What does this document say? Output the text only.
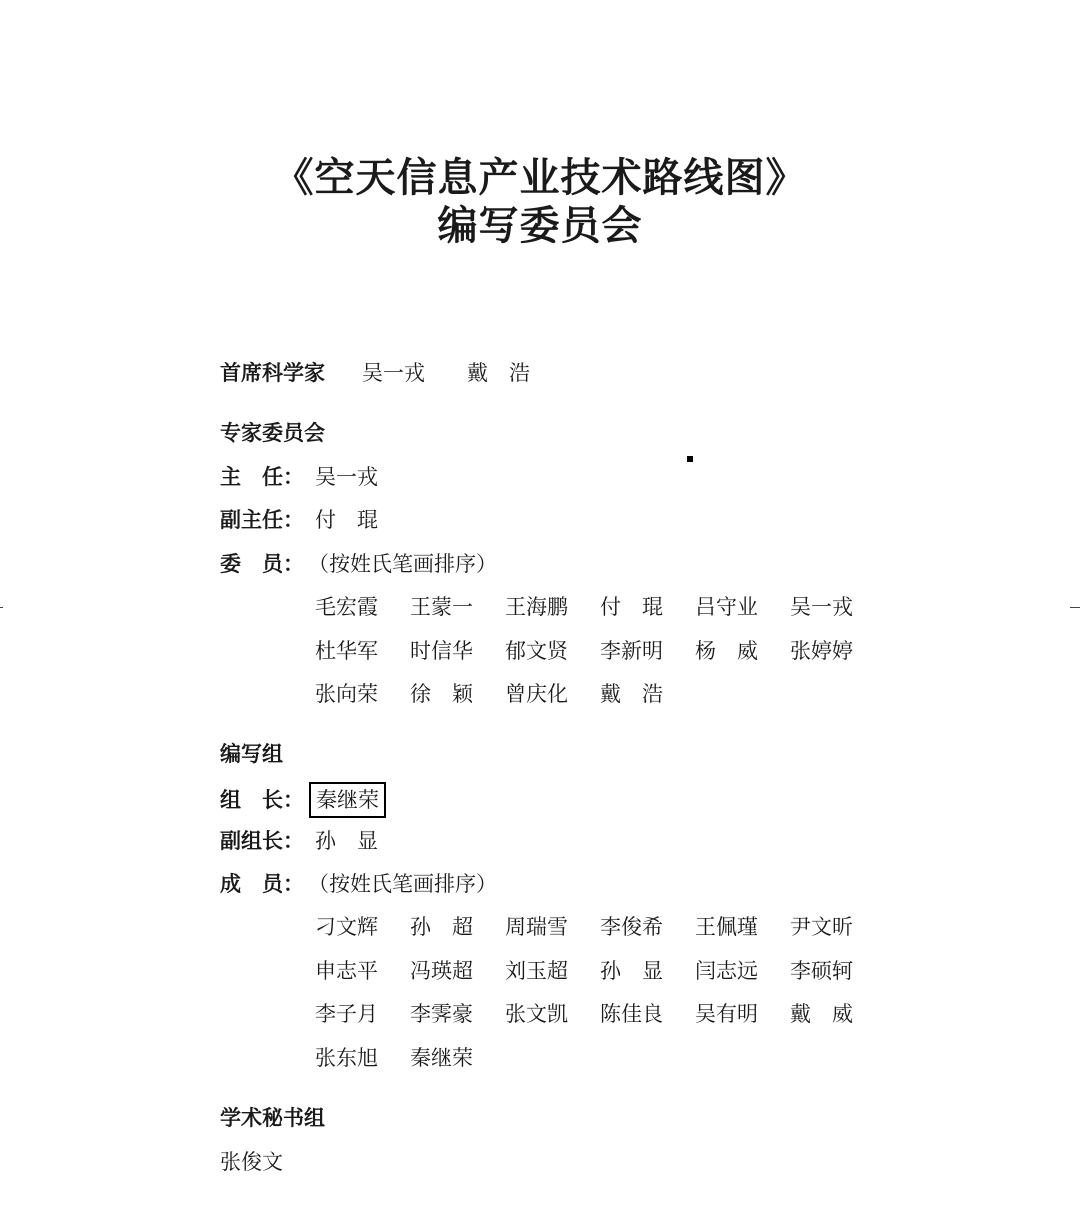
《空天信息产业技术路线图》
编写委员会
首席科学家 吴一戎 戴　浩
专家委员会
主　任： 吴一戎
副主任： 付　琨
委　员： （按姓氏笔画排序）
毛宏霞 王蒙一 王海鹏 付　琨 吕守业 吴一戎
杜华军 时信华 郁文贤 李新明 杨　威 张婷婷
张向荣 徐　颖 曾庆化 戴　浩
编写组
组　长： 秦继荣
副组长： 孙　显
成　员： （按姓氏笔画排序）
刁文辉 孙　超 周瑞雪 李俊希 王佩瑾 尹文昕
申志平 冯瑛超 刘玉超 孙　显 闫志远 李硕轲
李子月 李霁豪 张文凯 陈佳良 吴有明 戴　威
张东旭 秦继荣
学术秘书组
张俊文
